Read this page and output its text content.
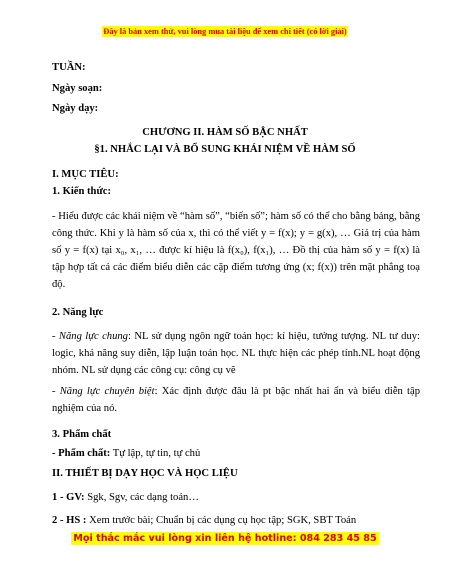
Đây là bản xem thử, vui lòng mua tài liệu để xem chi tiết (có lời giải)
TUẦN:
Ngày soạn:
Ngày dạy:
CHƯƠNG II. HÀM SỐ BẬC NHẤT
§1. NHẮC LẠI VÀ BỔ SUNG KHÁI NIỆM VỀ HÀM SỐ
I. MỤC TIÊU:
1. Kiến thức:
- Hiểu được các khái niệm về “hàm số”, “biến số”; hàm số có thể cho bằng bảng, bằng công thức. Khi y là hàm số của x, thì có thể viết y = f(x); y = g(x), … Giá trị của hàm số y = f(x) tại x₀, x₁, … được kí hiệu là f(x₀), f(x₁), … Đồ thị của hàm số y = f(x) là tập hợp tất cả các điểm biểu diễn các cặp điểm tương ứng (x; f(x)) trên mặt phẳng toạ độ.
2. Năng lực
- Năng lực chung: NL sử dụng ngôn ngữ toán học: kí hiệu, tưởng tượng. NL tư duy: logic, khả năng suy diễn, lập luận toán học. NL thực hiện các phép tính.NL hoạt động nhóm. NL sử dụng các công cụ: công cụ vẽ
- Năng lực chuyên biệt: Xác định được đâu là pt bậc nhất hai ẩn và biểu diễn tập nghiệm của nó.
3. Phẩm chất
- Phẩm chất: Tự lập, tự tin, tự chủ
II. THIẾT BỊ DẠY HỌC VÀ HỌC LIỆU
1 - GV: Sgk, Sgv, các dạng toán…
2 - HS : Xem trước bài; Chuẩn bị các dụng cụ học tập; SGK, SBT Toán
Mọi thắc mắc vui lòng xin liên hệ hotline: 084 283 45 85
